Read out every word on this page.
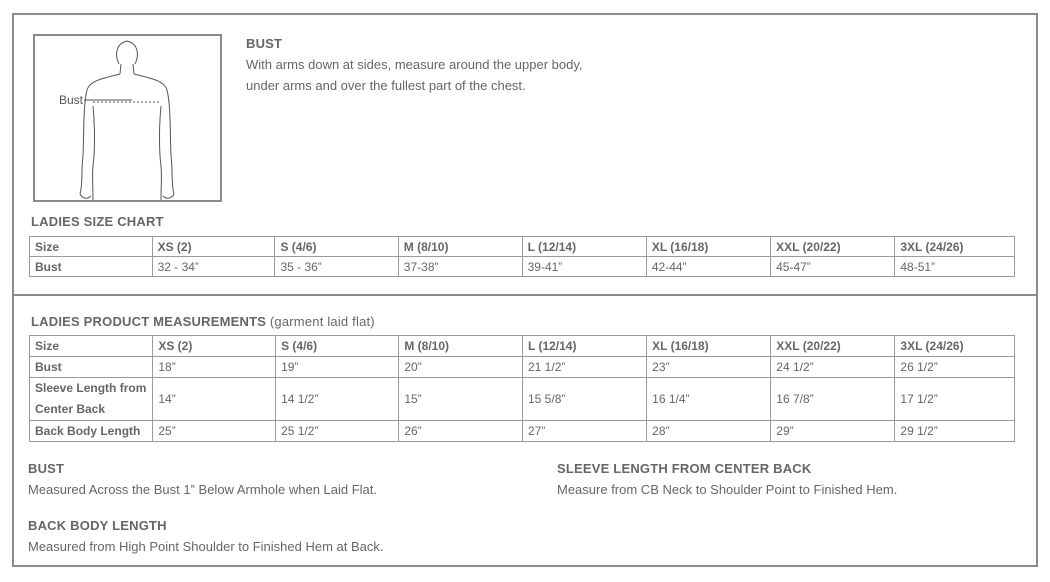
Bust
BUST
With arms down at sides, measure around the upper body,
under arms and over the fullest part of the chest.
LADIES SIZE CHART
Size	XS (2)	S (4/6)	M (8/10)	L (12/14)	XL (16/18)	XXL (20/22)	3XL (24/26)
Bust	32 - 34”	35 - 36”	37-38”	39-41”	42-44”	45-47”	48-51”
LADIES PRODUCT MEASUREMENTS (garment laid flat)
Size	XS (2)	S (4/6)	M (8/10)	L (12/14)	XL (16/18)	XXL (20/22)	3XL (24/26)
Bust	18”	19”	20”	21 1/2”	23”	24 1/2”	26 1/2”
Sleeve Length from Center Back	14”	14 1/2”	15”	15 5/8”	16 1/4”	16 7/8”	17 1/2”
Back Body Length	25”	25 1/2”	26”	27”	28”	29”	29 1/2”
BUST
Measured Across the Bust 1” Below Armhole when Laid Flat.
SLEEVE LENGTH FROM CENTER BACK
Measure from CB Neck to Shoulder Point to Finished Hem.
BACK BODY LENGTH
Measured from High Point Shoulder to Finished Hem at Back.
